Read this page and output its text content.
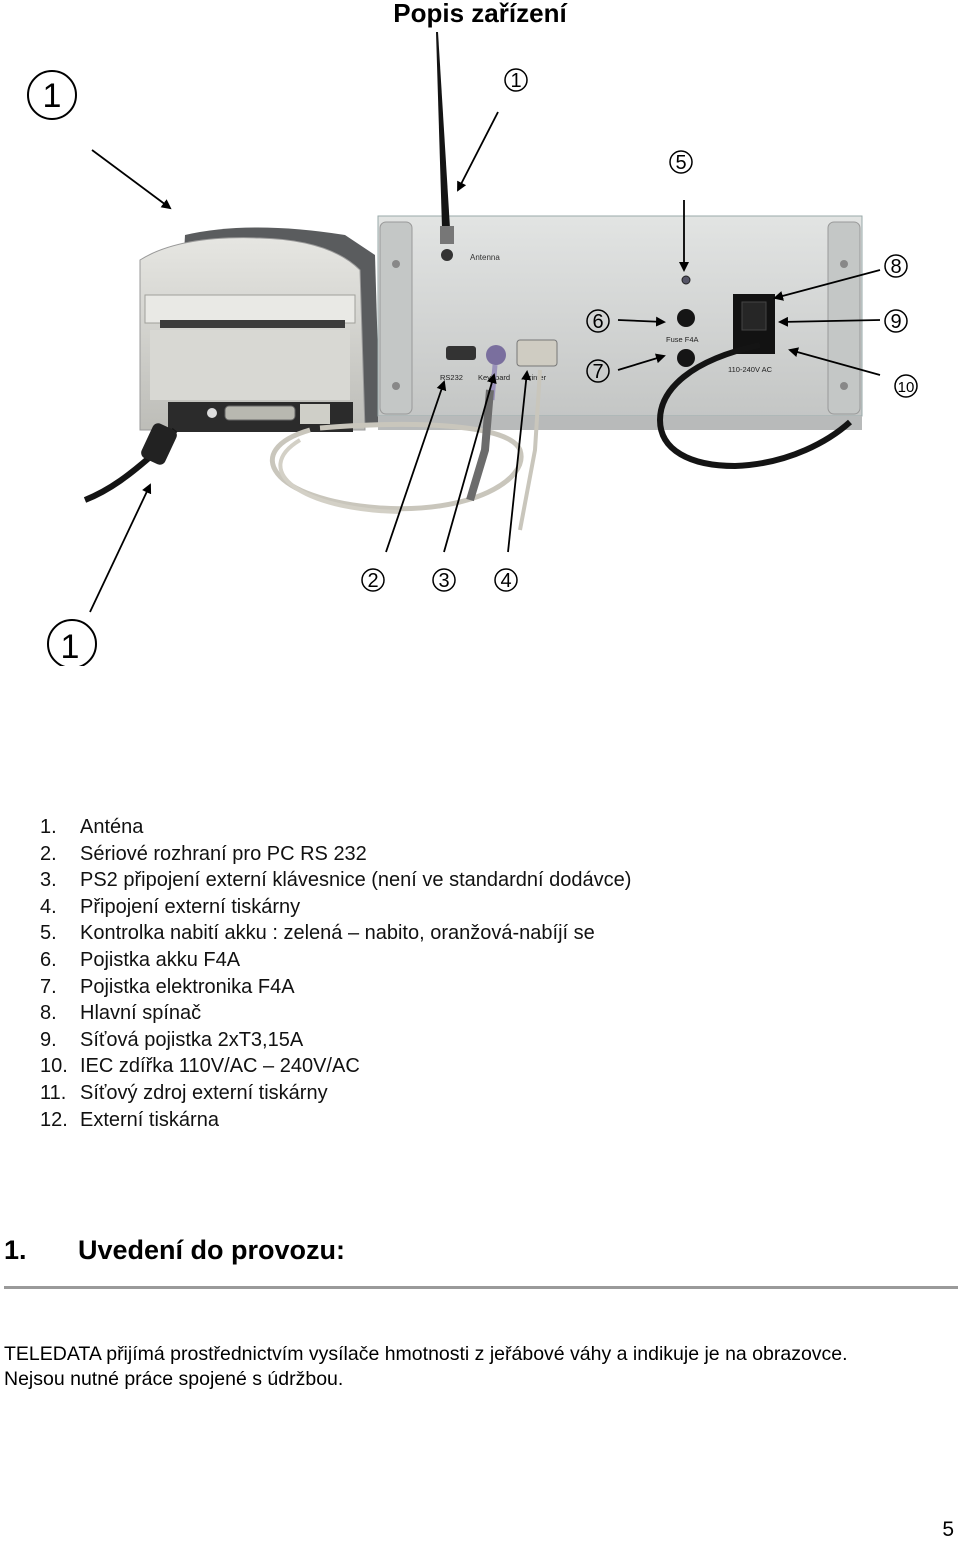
Popis zařízení
Antenna
RS232 Keyboard Printer
Fuse F4A
110-240V AC
1	1
5
6
7
8
9
10
2	3	4
1
1.	Anténa
2.	Sériové rozhraní pro PC RS 232
3.	PS2 připojení externí klávesnice (není ve standardní dodávce)
4.	Připojení externí tiskárny
5.	Kontrolka nabití akku : zelená – nabito, oranžová-nabíjí se
6.	Pojistka akku F4A
7.	Pojistka elektronika F4A
8.	Hlavní spínač
9.	Síťová pojistka 2xT3,15A
10. IEC zdířka 110V/AC – 240V/AC
11. Síťový zdroj externí tiskárny
12. Externí tiskárna
1. Uvedení do provozu:
TELEDATA přijímá prostřednictvím vysílače hmotnosti z jeřábové váhy a indikuje je na obrazovce.
Nejsou nutné práce spojené s údržbou.
5
